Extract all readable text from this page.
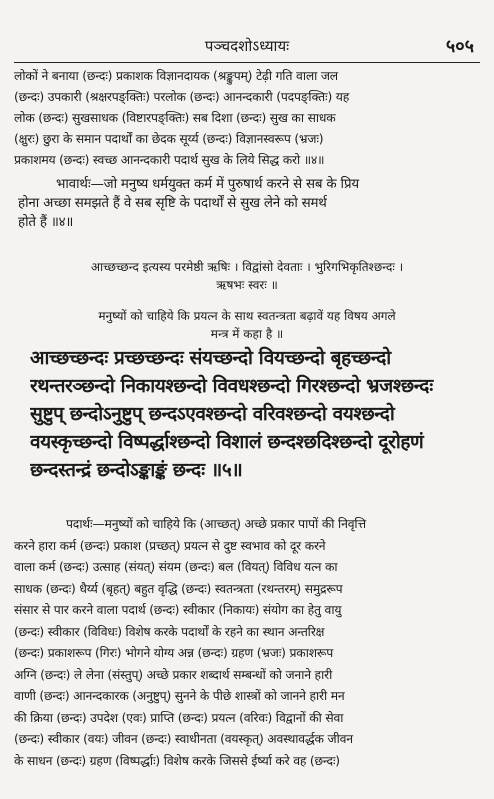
पञ्चदशोऽध्यायः	५०५
लोकों ने बनाया (छन्दः) प्रकाशक विज्ञानदायक (श्रङ्कुपम्) टेढ़ी गति वाला जल
(छन्दः) उपकारी (श्रक्षरपङ्क्तिः) परलोक (छन्दः) आनन्दकारी (पदपङ्क्तिः) यह
लोक (छन्दः) सुखसाधक (विष्टारपङ्क्तिः) सब दिशा (छन्दः) सुख का साधक
(क्षुरः) छुरा के समान पदार्थों का छेदक सूर्य्य (छन्दः) विज्ञानस्वरूप (भ्रजः)
प्रकाशमय (छन्दः) स्वच्छ आनन्दकारी पदार्थ सुख के लिये सिद्ध करो ॥४॥
भावार्थः—जो मनुष्य धर्मयुक्त कर्म में पुरुषार्थ करने से सब के प्रिय
होना अच्छा समझते हैं वे सब सृष्टि के पदार्थों से सुख लेने को समर्थ
होते हैं ॥४॥
आच्छच्छन्द इत्यस्य परमेष्ठी ऋषिः । विद्वांसो देवताः । भुरिगभिकृतिश्छन्दः ।
ऋषभः स्वरः ॥
मनुष्यों को चाहिये कि प्रयत्न के साथ स्वतन्त्रता बढ़ावें यह विषय अगले
मन्त्र में कहा है ॥
आच्छच्छन्दः प्रच्छच्छन्दः संयच्छन्दो वियच्छन्दो बृहच्छन्दो
रथन्तरञ्छन्दो निकायश्छन्दो विवधश्छन्दो गिरश्छन्दो भ्रजश्छन्दः
सुष्टुप् छन्दोऽनुष्टुप् छन्दऽएवश्छन्दो वरिवश्छन्दो वयश्छन्दो
वयस्कृच्छन्दो विष्पर्द्धाश्छन्दो विशालं छन्दश्छदिश्छन्दो दूरोहणं
छन्दस्तन्द्रं छन्दोऽङ्काङ्कं छन्दः ॥५॥
पदार्थः—मनुष्यों को चाहिये कि (आच्छत्) अच्छे प्रकार पापों की निवृत्ति
करने हारा कर्म (छन्दः) प्रकाश (प्रच्छत्) प्रयत्न से दुष्ट स्वभाव को दूर करने
वाला कर्म (छन्दः) उत्साह (संयत्) संयम (छन्दः) बल (वियत्) विविध यत्न का
साधक (छन्दः) धैर्य्य (बृहत्) बहुत वृद्धि (छन्दः) स्वतन्त्रता (रथन्तरम्) समुद्ररूप
संसार से पार करने वाला पदार्थ (छन्दः) स्वीकार (निकायः) संयोग का हेतु वायु
(छन्दः) स्वीकार (विविधः) विशेष करके पदार्थों के रहने का स्थान अन्तरिक्ष
(छन्दः) प्रकाशरूप (गिरः) भोगने योग्य अन्न (छन्दः) ग्रहण (भ्रजः) प्रकाशरूप
अग्नि (छन्दः) ले लेना (संस्तुप्) अच्छे प्रकार शब्दार्थ सम्बन्धों को जनाने हारी
वाणी (छन्दः) आनन्दकारक (अनुष्टुप्) सुनने के पीछे शास्त्रों को जानने हारी मन
की क्रिया (छन्दः) उपदेश (एवः) प्राप्ति (छन्दः) प्रयत्न (वरिवः) विद्वानों की सेवा
(छन्दः) स्वीकार (वयः) जीवन (छन्दः) स्वाधीनता (वयस्कृत्) अवस्थावर्द्धक जीवन
के साधन (छन्दः) ग्रहण (विष्पर्द्धाः) विशेष करके जिससे ईर्ष्या करे वह (छन्दः)
